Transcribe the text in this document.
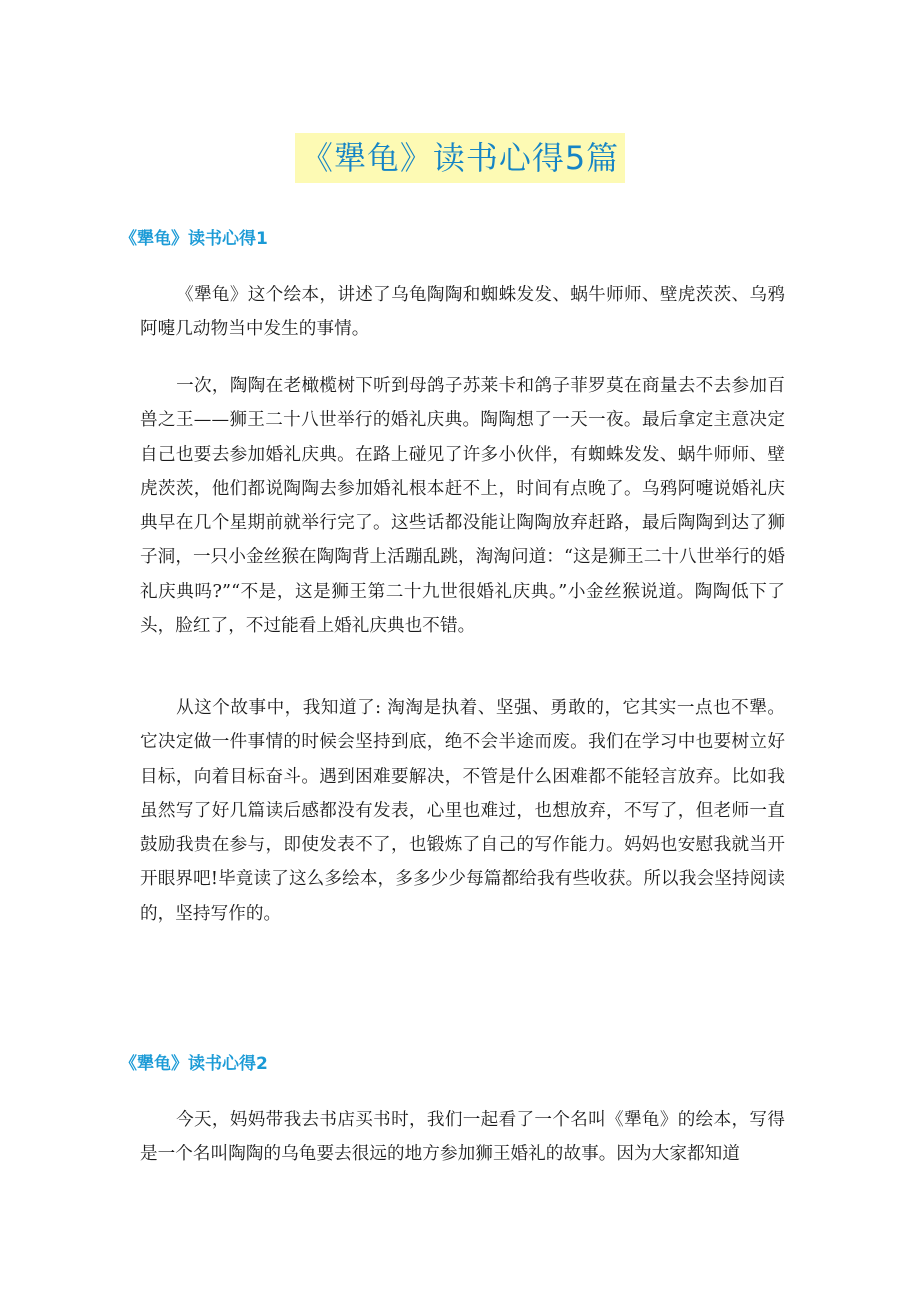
《犟龟》读书心得5篇
《犟龟》读书心得1

《犟龟》这个绘本，讲述了乌龟陶陶和蜘蛛发发、蜗牛师师、壁虎茨茨、乌鸦阿嚏几动物当中发生的事情。

一次，陶陶在老橄榄树下听到母鸽子苏莱卡和鸽子菲罗莫在商量去不去参加百兽之王——狮王二十八世举行的婚礼庆典。陶陶想了一天一夜。最后拿定主意决定自己也要去参加婚礼庆典。在路上碰见了许多小伙伴，有蜘蛛发发、蜗牛师师、壁虎茨茨，他们都说陶陶去参加婚礼根本赶不上，时间有点晚了。乌鸦阿嚏说婚礼庆典早在几个星期前就举行完了。这些话都没能让陶陶放弃赶路，最后陶陶到达了狮子洞，一只小金丝猴在陶陶背上活蹦乱跳，淘淘问道：“这是狮王二十八世举行的婚礼庆典吗?”“不是，这是狮王第二十九世很婚礼庆典。”小金丝猴说道。陶陶低下了头，脸红了，不过能看上婚礼庆典也不错。

从这个故事中，我知道了: 淘淘是执着、坚强、勇敢的，它其实一点也不犟。它决定做一件事情的时候会坚持到底，绝不会半途而废。我们在学习中也要树立好目标，向着目标奋斗。遇到困难要解决，不管是什么困难都不能轻言放弃。比如我虽然写了好几篇读后感都没有发表，心里也难过，也想放弃，不写了，但老师一直鼓励我贵在参与，即使发表不了，也锻炼了自己的写作能力。妈妈也安慰我就当开开眼界吧!毕竟读了这么多绘本，多多少少每篇都给我有些收获。所以我会坚持阅读的，坚持写作的。

《犟龟》读书心得2

今天，妈妈带我去书店买书时，我们一起看了一个名叫《犟龟》的绘本，写得是一个名叫陶陶的乌龟要去很远的地方参加狮王婚礼的故事。因为大家都知道
